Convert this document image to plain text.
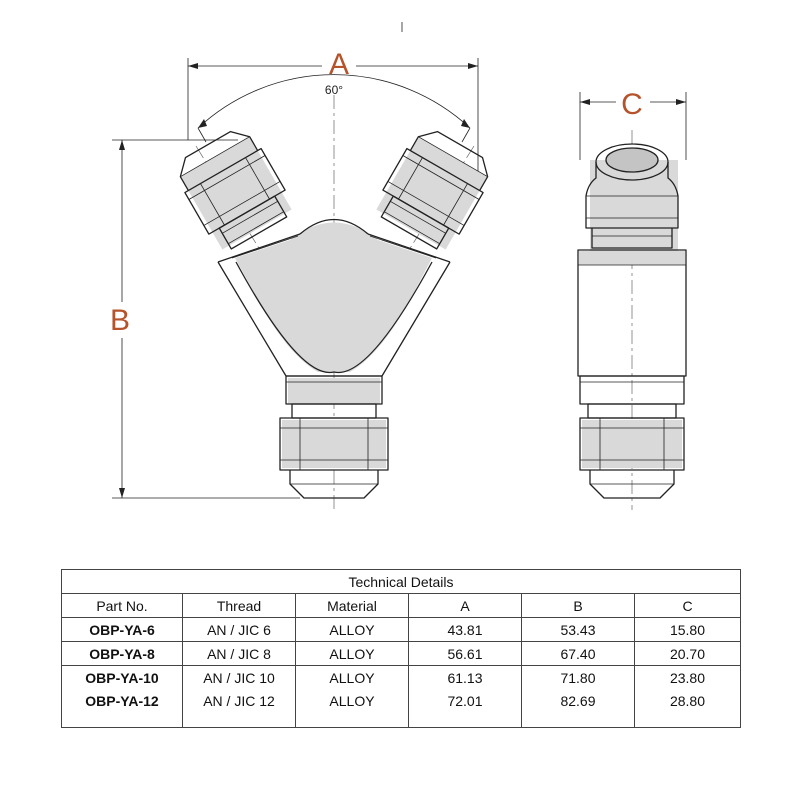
A
60°
B
C
Technical Details					
Part No.	Thread	Material	A	B	C
OBP-YA-6	AN / JIC 6	ALLOY	43.81	53.43	15.80
OBP-YA-8	AN / JIC 8	ALLOY	56.61	67.40	20.70
OBP-YA-10	AN / JIC 10	ALLOY	61.13	71.80	23.80
OBP-YA-12	AN / JIC 12	ALLOY	72.01	82.69	28.80
